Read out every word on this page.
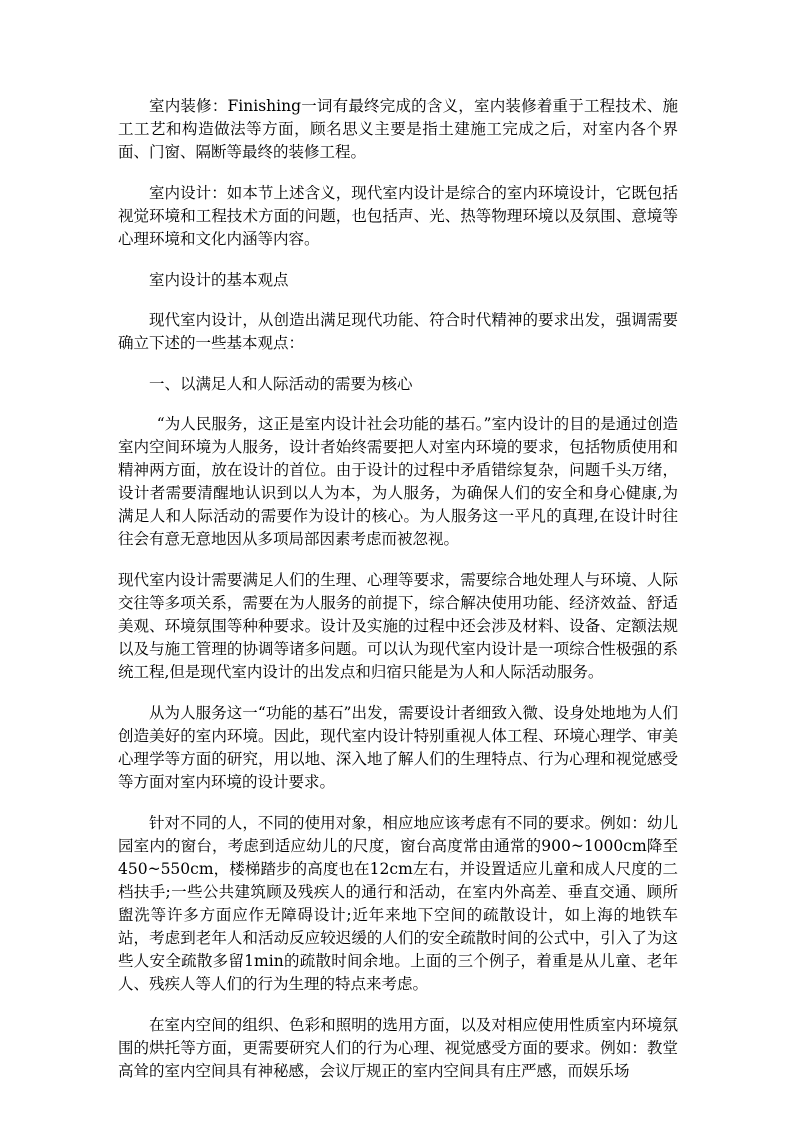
室内装修：Finishing一词有最终完成的含义，室内装修着重于工程技术、施工工艺和构造做法等方面，顾名思义主要是指土建施工完成之后，对室内各个界面、门窗、隔断等最终的装修工程。

室内设计：如本节上述含义，现代室内设计是综合的室内环境设计，它既包括视觉环境和工程技术方面的问题，也包括声、光、热等物理环境以及氛围、意境等心理环境和文化内涵等内容。

室内设计的基本观点

现代室内设计，从创造出满足现代功能、符合时代精神的要求出发，强调需要确立下述的一些基本观点：

一、以满足人和人际活动的需要为核心

“为人民服务，这正是室内设计社会功能的基石。”室内设计的目的是通过创造室内空间环境为人服务，设计者始终需要把人对室内环境的要求，包括物质使用和精神两方面，放在设计的首位。由于设计的过程中矛盾错综复杂，问题千头万绪，设计者需要清醒地认识到以人为本，为人服务，为确保人们的安全和身心健康,为满足人和人际活动的需要作为设计的核心。为人服务这一平凡的真理,在设计时往往会有意无意地因从多项局部因素考虑而被忽视。

现代室内设计需要满足人们的生理、心理等要求，需要综合地处理人与环境、人际交往等多项关系，需要在为人服务的前提下，综合解决使用功能、经济效益、舒适美观、环境氛围等种种要求。设计及实施的过程中还会涉及材料、设备、定额法规以及与施工管理的协调等诸多问题。可以认为现代室内设计是一项综合性极强的系统工程,但是现代室内设计的出发点和归宿只能是为人和人际活动服务。

从为人服务这一“功能的基石”出发，需要设计者细致入微、设身处地地为人们创造美好的室内环境。因此，现代室内设计特别重视人体工程、环境心理学、审美心理学等方面的研究，用以地、深入地了解人们的生理特点、行为心理和视觉感受等方面对室内环境的设计要求。

针对不同的人，不同的使用对象，相应地应该考虑有不同的要求。例如：幼儿园室内的窗台，考虑到适应幼儿的尺度，窗台高度常由通常的900~1000cm降至450~550cm，楼梯踏步的高度也在12cm左右，并设置适应儿童和成人尺度的二档扶手;一些公共建筑顾及残疾人的通行和活动，在室内外高差、垂直交通、顾所盥洗等许多方面应作无障碍设计;近年来地下空间的疏散设计，如上海的地铁车站，考虑到老年人和活动反应较迟缓的人们的安全疏散时间的公式中，引入了为这些人安全疏散多留1min的疏散时间余地。上面的三个例子，着重是从儿童、老年人、残疾人等人们的行为生理的特点来考虑。

在室内空间的组织、色彩和照明的选用方面，以及对相应使用性质室内环境氛围的烘托等方面，更需要研究人们的行为心理、视觉感受方面的要求。例如：教堂高耸的室内空间具有神秘感，会议厅规正的室内空间具有庄严感，而娱乐场
